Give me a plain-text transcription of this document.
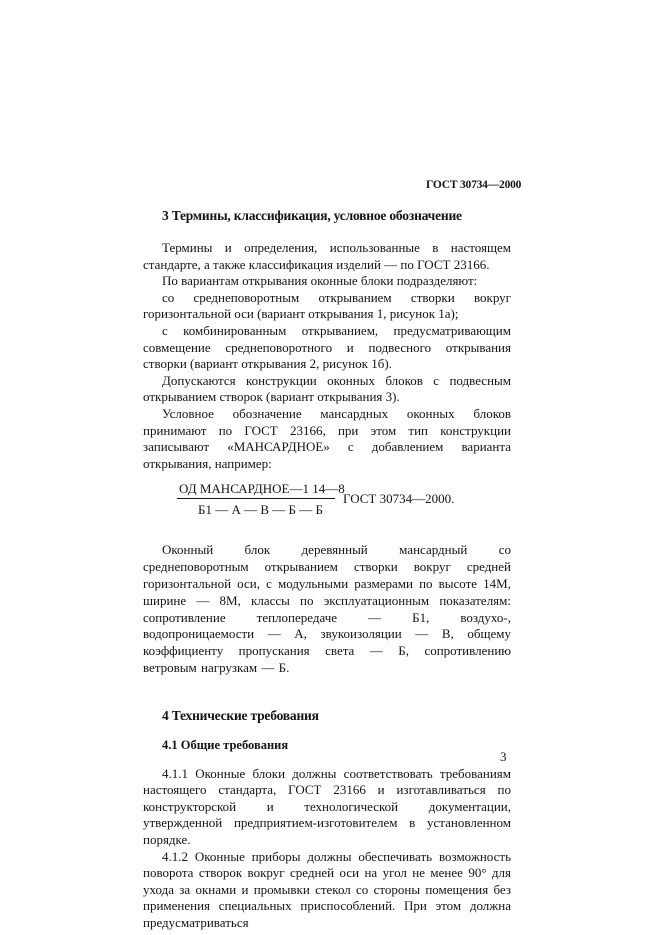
ГОСТ 30734—2000
3 Термины, классификация, условное обозначение

Термины и определения, использованные в настоящем стандарте, а также классификация изделий — по ГОСТ 23166.

По вариантам открывания оконные блоки подразделяют:

со среднеповоротным открыванием створки вокруг горизонтальной оси (вариант открывания 1, рисунок 1а);

с комбинированным открыванием, предусматривающим совмещение среднеповоротного и подвесного открывания створки (вариант открывания 2, рисунок 1б).

Допускаются конструкции оконных блоков с подвесным открыванием створок (вариант открывания 3).

Условное обозначение мансардных оконных блоков принимают по ГОСТ 23166, при этом тип конструкции записывают «МАНСАРДНОЕ» с добавлением варианта открывания, например:

ОД МАНСАРДНОЕ—1 14—8
Б1 — А — В — Б — Б
ГОСТ 30734—2000.

Оконный блок деревянный мансардный со среднеповоротным открыванием створки вокруг средней горизонтальной оси, с модульными размерами по высоте 14М, ширине — 8М, классы по эксплуатационным показателям: сопротивление теплопередаче — Б1, воздухо-, водопроницаемости — А, звукоизоляции — В, общему коэффициенту пропускания света — Б, сопротивлению ветровым нагрузкам — Б.

4 Технические требования
4.1 Общие требования

4.1.1 Оконные блоки должны соответствовать требованиям настоящего стандарта, ГОСТ 23166 и изготавливаться по конструкторской и технологической документации, утвержденной предприятием-изготовителем в установленном порядке.

4.1.2 Оконные приборы должны обеспечивать возможность поворота створок вокруг средней оси на угол не менее 90° для ухода за окнами и промывки стекол со стороны помещения без применения специальных приспособлений. При этом должна предусматриваться

3
